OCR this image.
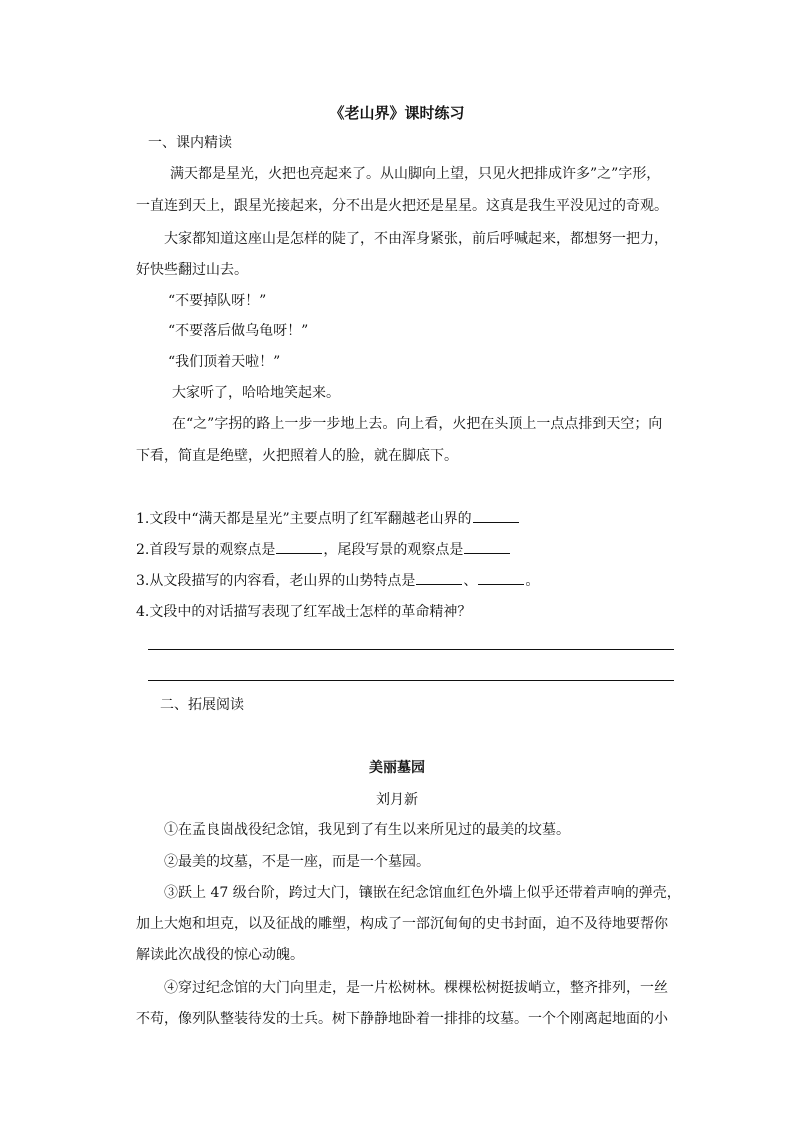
《老山界》课时练习
一、课内精读
满天都是星光，火把也亮起来了。从山脚向上望，只见火把排成许多”之”字形，
一直连到天上，跟星光接起来，分不出是火把还是星星。这真是我生平没见过的奇观。
大家都知道这座山是怎样的陡了，不由浑身紧张，前后呼喊起来，都想努一把力，
好快些翻过山去。
“不要掉队呀！”
“不要落后做乌龟呀！”
“我们顶着天啦！”
大家听了，哈哈地笑起来。
在“之”字拐的路上一步一步地上去。向上看，火把在头顶上一点点排到天空；向
下看，简直是绝壁，火把照着人的脸，就在脚底下。
1.文段中“满天都是星光”主要点明了红军翻越老山界的
2.首段写景的观察点是	，尾段写景的观察点是
3.从文段描写的内容看，老山界的山势特点是	、	。
4.文段中的对话描写表现了红军战士怎样的革命精神？
二、拓展阅读
美丽墓园
刘月新
①在孟良崮战役纪念馆，我见到了有生以来所见过的最美的坟墓。
②最美的坟墓，不是一座，而是一个墓园。
③跃上 47 级台阶，跨过大门，镶嵌在纪念馆血红色外墙上似乎还带着声响的弹壳，
加上大炮和坦克，以及征战的雕塑，构成了一部沉甸甸的史书封面，迫不及待地要帮你
解读此次战役的惊心动魄。
④穿过纪念馆的大门向里走，是一片松树林。棵棵松树挺拔峭立，整齐排列，一丝
不苟，像列队整装待发的士兵。树下静静地卧着一排排的坟墓。一个个刚离起地面的小
